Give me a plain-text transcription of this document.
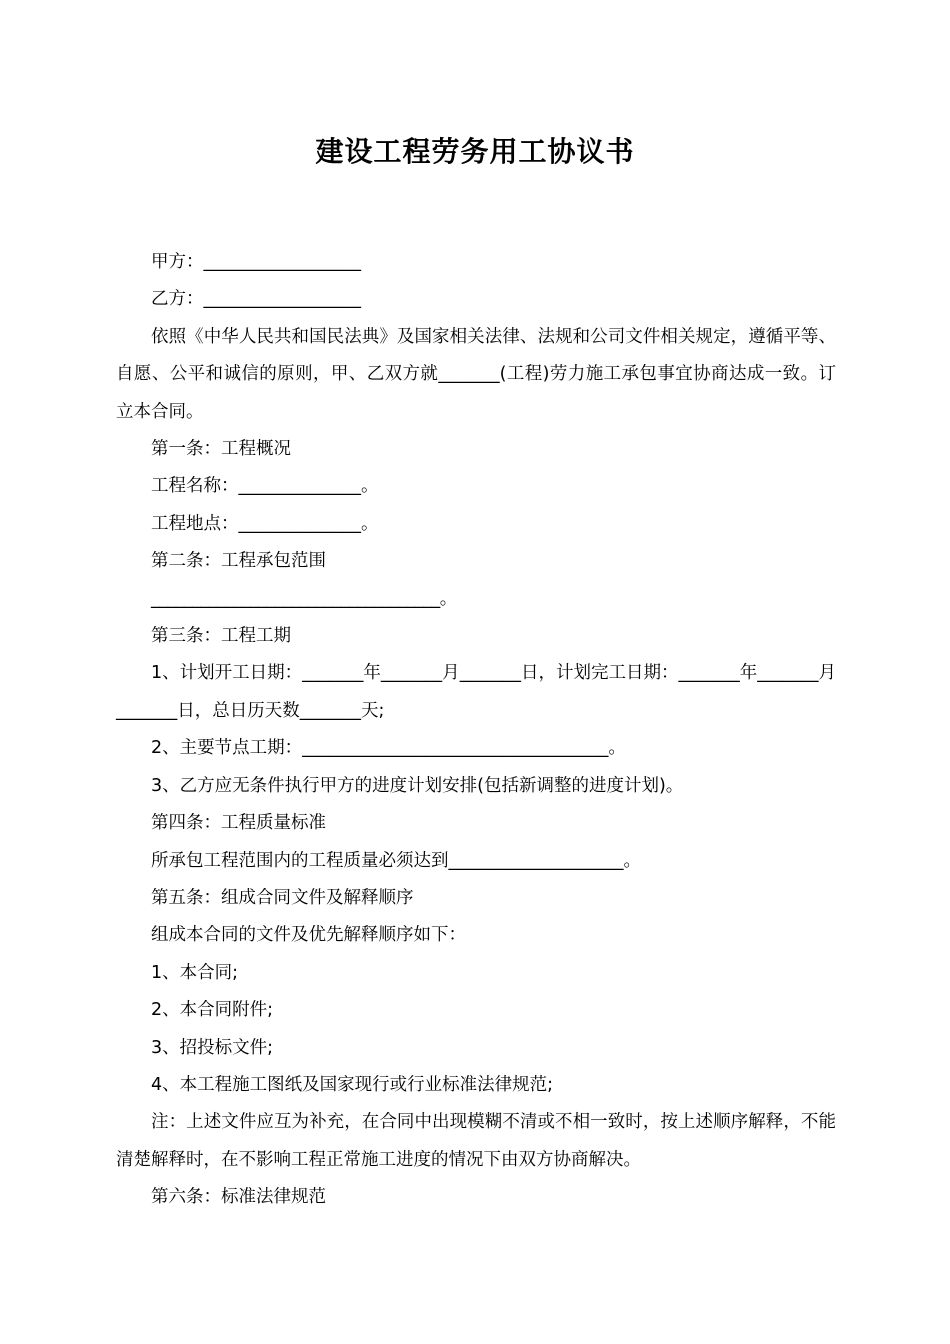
建设工程劳务用工协议书

甲方：__________________

乙方：__________________

依照《中华人民共和国民法典》及国家相关法律、法规和公司文件相关规定，遵循平等、自愿、公平和诚信的原则，甲、乙双方就_______(工程)劳力施工承包事宜协商达成一致。订立本合同。

第一条：工程概况

工程名称：______________。

工程地点：______________。

第二条：工程承包范围

___________________________________。

第三条：工程工期

1、计划开工日期：_______年_______月_______日，计划完工日期：_______年_______月_______日，总日历天数_______天;

2、主要节点工期：___________________________________。

3、乙方应无条件执行甲方的进度计划安排(包括新调整的进度计划)。

第四条：工程质量标准

所承包工程范围内的工程质量必须达到____________________。

第五条：组成合同文件及解释顺序

组成本合同的文件及优先解释顺序如下：

1、本合同;

2、本合同附件;

3、招投标文件;

4、本工程施工图纸及国家现行或行业标准法律规范;

注：上述文件应互为补充，在合同中出现模糊不清或不相一致时，按上述顺序解释，不能清楚解释时，在不影响工程正常施工进度的情况下由双方协商解决。

第六条：标准法律规范
